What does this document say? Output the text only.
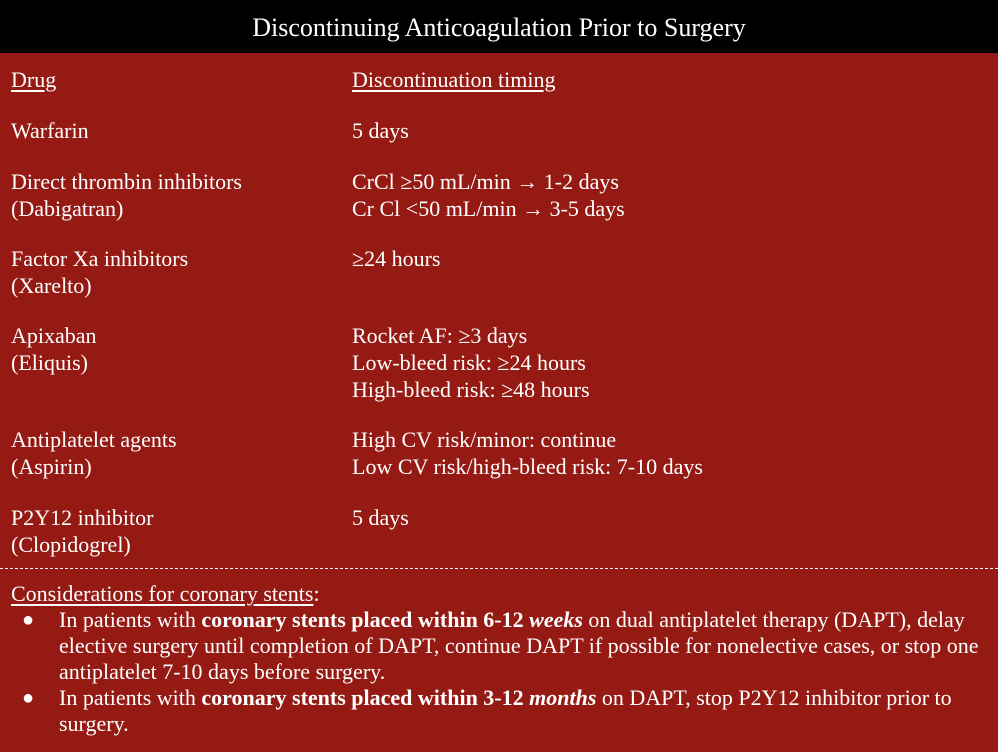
Discontinuing Anticoagulation Prior to Surgery
Drug	Discontinuation timing
Warfarin	5 days
Direct thrombin inhibitors
(Dabigatran)
CrCl ≥50 mL/min → 1-2 days
Cr Cl <50 mL/min → 3-5 days
Factor Xa inhibitors
(Xarelto)
≥24 hours
Apixaban
(Eliquis)
Rocket AF: ≥3 days
Low-bleed risk: ≥24 hours
High-bleed risk: ≥48 hours
Antiplatelet agents
(Aspirin)
High CV risk/minor: continue
Low CV risk/high-bleed risk: 7-10 days
P2Y12 inhibitor
(Clopidogrel)
5 days
Considerations for coronary stents:
● In patients with coronary stents placed within 6-12 weeks on dual antiplatelet therapy (DAPT), delay elective surgery until completion of DAPT, continue DAPT if possible for nonelective cases, or stop one antiplatelet 7-10 days before surgery.
● In patients with coronary stents placed within 3-12 months on DAPT, stop P2Y12 inhibitor prior to surgery.
